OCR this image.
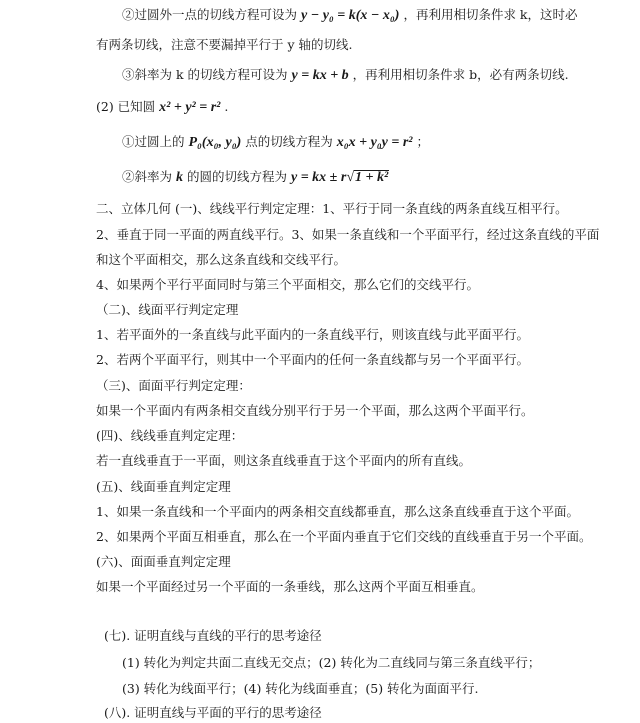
②过圆外一点的切线方程可设为 y − y₀ = k(x − x₀) ，再利用相切条件求 k，这时必
有两条切线，注意不要漏掉平行于 y 轴的切线.
③斜率为 k 的切线方程可设为 y = kx + b ，再利用相切条件求 b，必有两条切线.
(2) 已知圆 x² + y² = r² .
①过圆上的 P₀(x₀, y₀) 点的切线方程为 x₀x + y₀y = r² ；
②斜率为 k 的圆的切线方程为 y = kx ± r√1 + k²
二、立体几何 (一)、线线平行判定定理：1、平行于同一条直线的两条直线互相平行。
2、垂直于同一平面的两直线平行。3、如果一条直线和一个平面平行，经过这条直线的平面
和这个平面相交，那么这条直线和交线平行。
4、如果两个平行平面同时与第三个平面相交，那么它们的交线平行。
（二)、线面平行判定定理
1、若平面外的一条直线与此平面内的一条直线平行，则该直线与此平面平行。
2、若两个平面平行，则其中一个平面内的任何一条直线都与另一个平面平行。
（三)、面面平行判定定理：
如果一个平面内有两条相交直线分别平行于另一个平面，那么这两个平面平行。
(四)、线线垂直判定定理：
若一直线垂直于一平面，则这条直线垂直于这个平面内的所有直线。
(五)、线面垂直判定定理
1、如果一条直线和一个平面内的两条相交直线都垂直，那么这条直线垂直于这个平面。
2、如果两个平面互相垂直，那么在一个平面内垂直于它们交线的直线垂直于另一个平面。
(六)、面面垂直判定定理
如果一个平面经过另一个平面的一条垂线，那么这两个平面互相垂直。
(七). 证明直线与直线的平行的思考途径
(1) 转化为判定共面二直线无交点；(2) 转化为二直线同与第三条直线平行；
(3) 转化为线面平行；(4) 转化为线面垂直；(5) 转化为面面平行.
(八). 证明直线与平面的平行的思考途径
